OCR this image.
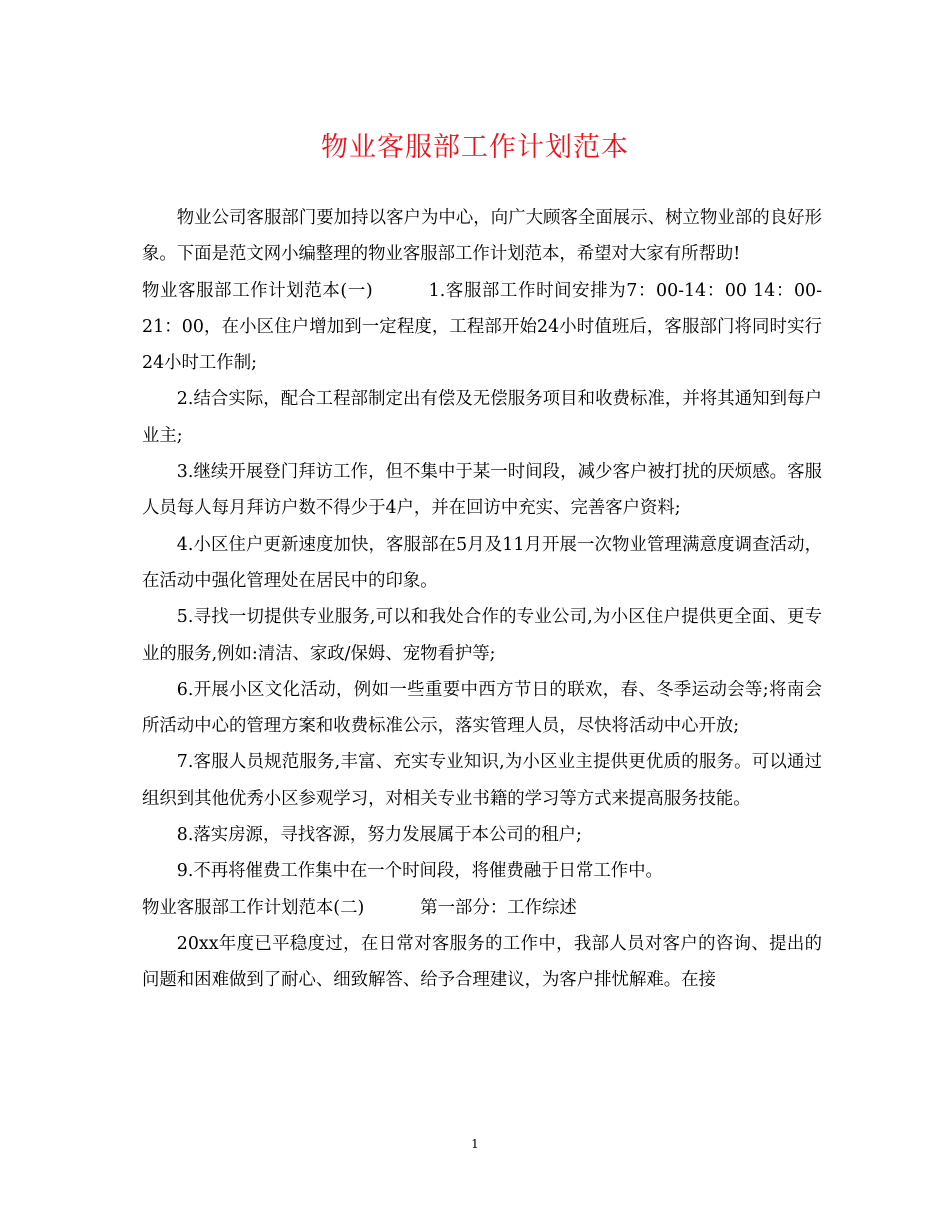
物业客服部工作计划范本

物业公司客服部门要加持以客户为中心，向广大顾客全面展示、树立物业部的良好形象。下面是范文网小编整理的物业客服部工作计划范本，希望对大家有所帮助!

物业客服部工作计划范本(一)	1.客服部工作时间安排为7：00-14：00 14：00-21：00，在小区住户增加到一定程度，工程部开始24小时值班后，客服部门将同时实行24小时工作制;

2.结合实际，配合工程部制定出有偿及无偿服务项目和收费标准，并将其通知到每户业主;

3.继续开展登门拜访工作，但不集中于某一时间段，减少客户被打扰的厌烦感。客服人员每人每月拜访户数不得少于4户，并在回访中充实、完善客户资料;

4.小区住户更新速度加快，客服部在5月及11月开展一次物业管理满意度调查活动，在活动中强化管理处在居民中的印象。

5.寻找一切提供专业服务,可以和我处合作的专业公司,为小区住户提供更全面、更专业的服务,例如:清洁、家政/保姆、宠物看护等;

6.开展小区文化活动，例如一些重要中西方节日的联欢，春、冬季运动会等;将南会所活动中心的管理方案和收费标准公示，落实管理人员，尽快将活动中心开放;

7.客服人员规范服务,丰富、充实专业知识,为小区业主提供更优质的服务。可以通过组织到其他优秀小区参观学习，对相关专业书籍的学习等方式来提高服务技能。

8.落实房源，寻找客源，努力发展属于本公司的租户;

9.不再将催费工作集中在一个时间段，将催费融于日常工作中。

物业客服部工作计划范本(二)	第一部分：工作综述

20xx年度已平稳度过，在日常对客服务的工作中，我部人员对客户的咨询、提出的问题和困难做到了耐心、细致解答、给予合理建议，为客户排忧解难。在接

1
